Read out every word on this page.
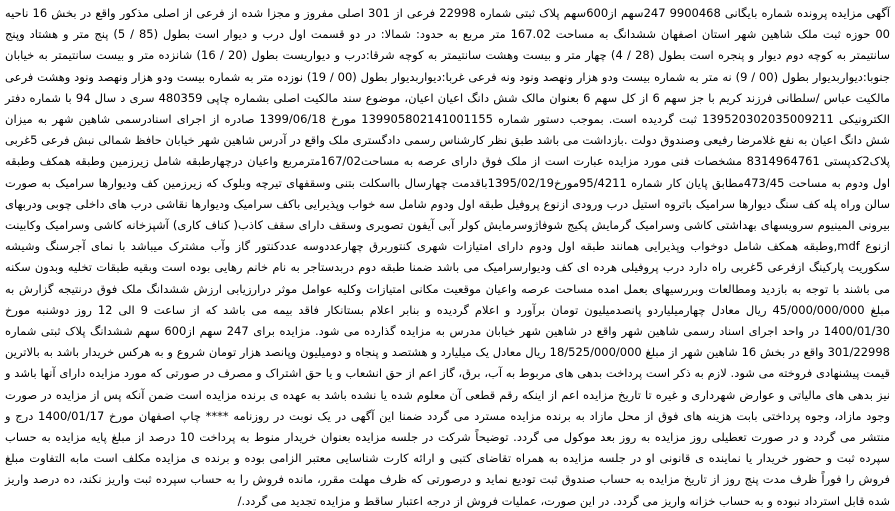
آگهی مزایده پرونده شماره بایگانی 9900468 247سهم از600سهم پلاک ثبتی شماره 22998 فرعی از 301 اصلی مفروز و مجزا شده از فرعی از اصلی مذکور واقع در بخش 16 ناحیه 00 حوزه ثبت ملک شاهین شهر استان اصفهان ششدانگ به مساحت 167.02 متر مربع به حدود: شمالا: در دو قسمت اول درب و دیوار است بطول (85 / 5) پنج متر و هشتاد وپنج سانتیمتر به کوچه دوم دیوار و پنجره است بطول (28 / 4) چهار متر و بیست وهشت سانتیمتر به کوچه شرقا:درب و دیواریست بطول (20 / 16) شانزده متر و بیست سانتیمتر به خیابان جنوبا:دیواربدیوار بطول (00 / 9) نه متر به شماره بیست ودو هزار ونهصد ونود ونه فرعی غربا:دیواربدیوار بطول (00 / 19) نوزده متر به شماره بیست ودو هزار ونهصد ونود وهشت فرعی مالکیت عباس /سلطانی فرزند کریم با جز سهم 6 از کل سهم 6 بعنوان مالک شش دانگ اعیان اعیان، موضوع سند مالکیت اصلی بشماره چاپی 480359 سری د سال 94 با شماره دفتر الکترونیکی 139520302035009211 ثبت گردیده است. بموجب دستور شماره 139905802141001155 مورخ 1399/06/18 صادره از اجرای اسنادرسمی شاهین شهر به میزان شش دانگ اعیان به نفع غلامرضا رفیعی وصندوق دولت .بازداشت می باشد طبق نظر کارشناس رسمی دادگستری ملک واقع در آدرس شاهین شهر خیابان حافظ شمالی نبش فرعی 5غربی پلاک2کدپستی 8314964761 مشخصات فنی مورد مزایده عبارت است از ملک فوق دارای عرصه به مساحت167/02مترمربع واعیان درچهارطبقه شامل زیرزمین وطبقه همکف وطبقه اول ودوم به مساحت 473/45مطابق پایان کار شماره 95/4211مورخ1395/02/19باقدمت چهارسال بااسکلت بتنی وسقفهای تیرچه وبلوک که زیرزمین کف ودیوارها سرامیک به صورت سالن وراه پله کف سنگ دیوارها سرامیک باتروه استیل درب ورودی ازنوع پروفیل طبقه اول ودوم شامل سه خواب وپذیرایی باکف سرامیک ودیوارها نقاشی درب های داخلی چوبی ودربهای بیرونی المینیوم سرویسهای بهداشتی کاشی وسرامیک گرمایش پکیج شوفاژوسرمایش کولر آبی آیفون تصویری وسقف دارای سقف کاذب( کناف کاری) آشپزخانه کاشی وسرامیک وکابینت ازنوع mdf,وطبقه همکف شامل دوخواب وپذیرایی همانند طبقه اول ودوم دارای امتیازات شهری کنتوربرق چهارعددوسه عددکنتور گاز وآب مشترک میباشد با نمای آجرسنگ وشیشه سکوریت پارکینگ ازفرعی 5غربی راه دارد درب پروفیلی هرده ای کف ودیوارسرامیک می باشد ضمنا طبقه دوم دربدستاجر به نام خانم رهایی بوده است وبقیه طبقات تخلیه وبدون سکنه می باشند با توجه به بازدید ومطالعات وبررسیهای بعمل امده مساحت عرصه واعیان موقعیت مکانی امتیازات وکلیه عوامل موثر درارزیابی ارزش ششدانگ ملک فوق درنتیجه گزارش به مبلغ 45/000/000/000 ریال معادل چهارمیلیاردو پانصدمیلیون تومان برآورد و اعلام گردیده و بنابر اعلام بستانکار فاقد بیمه می باشد که از ساعت 9 الی 12 روز دوشنبه مورخ 1400/01/30 در واحد اجرای اسناد رسمی شاهین شهر واقع در شاهین شهر خیابان مدرس به مزایده گذارده می شود. مزایده برای 247 سهم از600 سهم ششدانگ پلاک ثبتی شماره 301/22998 واقع در بخش 16 شاهین شهر از مبلغ 18/525/000/000 ریال معادل یک میلیارد و هشتصد و پنجاه و دومیلیون وپانصد هزار تومان شروع و به هرکس خریدار باشد به بالاترین قیمت پیشنهادی فروخته می شود. لازم به ذکر است پرداخت بدهی های مربوط به آب، برق، گاز اعم از حق انشعاب و یا حق اشتراک و مصرف در صورتی که مورد مزایده دارای آنها باشد و نیز بدهی های مالیاتی و عوارض شهرداری و غیره تا تاریخ مزایده اعم از اینکه رقم قطعی آن معلوم شده یا نشده باشد به عهده ی برنده مزایده است ضمن آنکه پس از مزایده در صورت وجود مازاد، وجوه پرداختی بابت هزینه های فوق از محل مازاد به برنده مزایده مسترد می گردد ضمنا این آگهی در یک نوبت در روزنامه **** چاپ اصفهان مورخ 1400/01/17 درج و منتشر می گردد و در صورت تعطیلی روز مزایده به روز بعد موکول می گردد. توضیحاً شرکت در جلسه مزایده بعنوان خریدار منوط به پرداخت 10 درصد از مبلغ پایه مزایده به حساب سپرده ثبت و حضور خریدار یا نماینده ی قانونی او در جلسه مزایده به همراه تقاضای کتبی و ارائه کارت شناسایی معتبر الزامی بوده و برنده ی مزایده مکلف است مابه التفاوت مبلغ فروش را فوراً ظرف مدت پنج روز از تاریخ مزایده به حساب صندوق ثبت تودیع نماید و درصورتی که ظرف مهلت مقرر، مانده فروش را به حساب سپرده ثبت واریز نکند، ده درصد واریز شده قابل استرداد نبوده و به حساب خزانه واریز می گردد. در این صورت، عملیات فروش از درجه اعتبار ساقط و مزایده تجدید می گردد./
